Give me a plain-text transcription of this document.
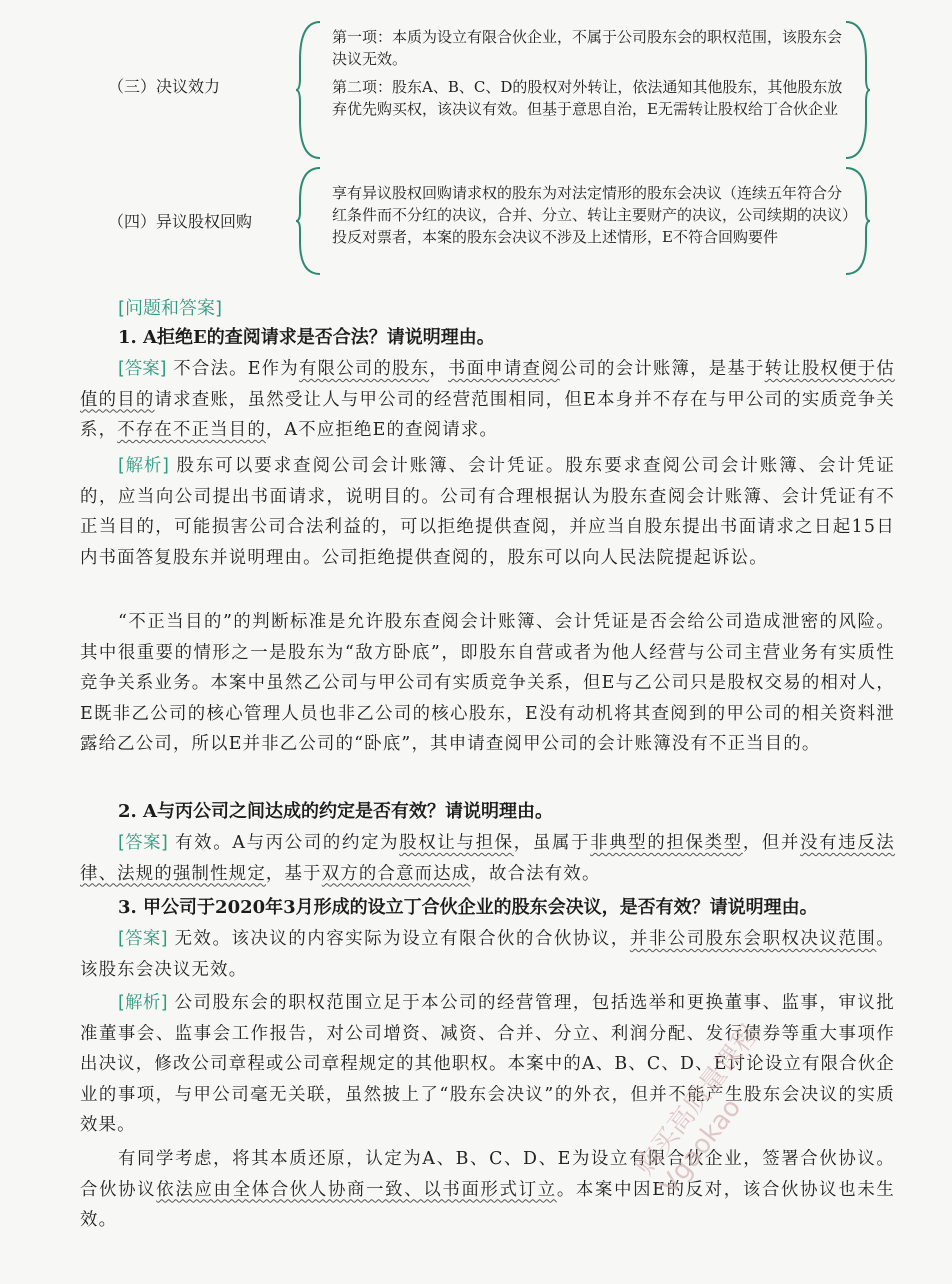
（三）决议效力

第一项：本质为设立有限合伙企业，不属于公司股东会的职权范围，该股东会决议无效。

第二项：股东A、B、C、D的股权对外转让，依法通知其他股东，其他股东放弃优先购买权，该决议有效。但基于意思自治，E无需转让股权给丁合伙企业

（四）异议股权回购

享有异议股权回购请求权的股东为对法定情形的股东会决议（连续五年符合分红条件而不分红的决议，合并、分立、转让主要财产的决议，公司续期的决议）投反对票者，本案的股东会决议不涉及上述情形，E不符合回购要件

[问题和答案]
1. A拒绝E的查阅请求是否合法？请说明理由。
[答案] 不合法。E作为有限公司的股东，书面申请查阅公司的会计账簿，是基于转让股权便于估值的目的请求查账，虽然受让人与甲公司的经营范围相同，但E本身并不存在与甲公司的实质竞争关系，不存在不正当目的，A不应拒绝E的查阅请求。
[解析] 股东可以要求查阅公司会计账簿、会计凭证。股东要求查阅公司会计账簿、会计凭证的，应当向公司提出书面请求，说明目的。公司有合理根据认为股东查阅会计账簿、会计凭证有不正当目的，可能损害公司合法利益的，可以拒绝提供查阅，并应当自股东提出书面请求之日起15日内书面答复股东并说明理由。公司拒绝提供查阅的，股东可以向人民法院提起诉讼。
“不正当目的”的判断标准是允许股东查阅会计账簿、会计凭证是否会给公司造成泄密的风险。其中很重要的情形之一是股东为“敌方卧底”，即股东自营或者为他人经营与公司主营业务有实质性竞争关系业务。本案中虽然乙公司与甲公司有实质竞争关系，但E与乙公司只是股权交易的相对人，E既非乙公司的核心管理人员也非乙公司的核心股东，E没有动机将其查阅到的甲公司的相关资料泄露给乙公司，所以E并非乙公司的“卧底”，其申请查阅甲公司的会计账簿没有不正当目的。
2. A与丙公司之间达成的约定是否有效？请说明理由。
[答案] 有效。A与丙公司的约定为股权让与担保，虽属于非典型的担保类型，但并没有违反法律、法规的强制性规定，基于双方的合意而达成，故合法有效。
3. 甲公司于2020年3月形成的设立丁合伙企业的股东会决议，是否有效？请说明理由。
[答案] 无效。该决议的内容实际为设立有限合伙的合伙协议，并非公司股东会职权决议范围。该股东会决议无效。
[解析] 公司股东会的职权范围立足于本公司的经营管理，包括选举和更换董事、监事，审议批准董事会、监事会工作报告，对公司增资、减资、合并、分立、利润分配、发行债券等重大事项作出决议，修改公司章程或公司章程规定的其他职权。本案中的A、B、C、D、E讨论设立有限合伙企业的事项，与甲公司毫无关联，虽然披上了“股东会决议”的外衣，但并不能产生股东会决议的实质效果。
有同学考虑，将其本质还原，认定为A、B、C、D、E为设立有限合伙企业，签署合伙协议。合伙协议依法应由全体合伙人协商一致、以书面形式订立。本案中因E的反对，该合伙协议也未生效。
购买高质量课程 Vgaokao
